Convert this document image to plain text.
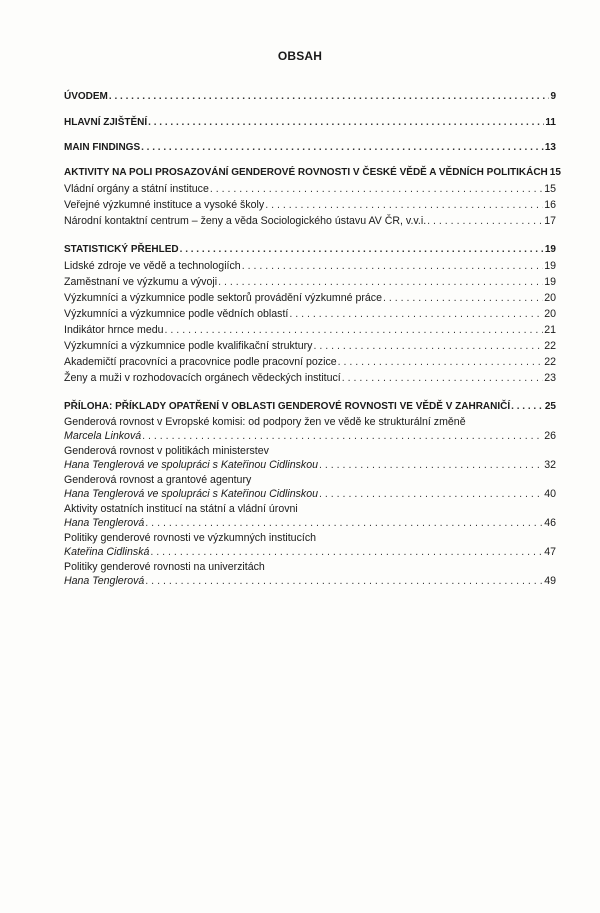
OBSAH
ÚVODEM . . .	9
HLAVNÍ ZJIŠTĚNÍ . . .	11
MAIN FINDINGS . . .	13
AKTIVITY NA POLI PROSAZOVÁNÍ GENDEROVÉ ROVNOSTI V ČESKÉ VĚDĚ A VĚDNÍCH POLITIKÁCH 15
Vládní orgány a státní instituce . . .	15
Veřejné výzkumné instituce a vysoké školy . . .	16
Národní kontaktní centrum – ženy a věda Sociologického ústavu AV ČR, v.v.i. . . .	17
STATISTICKÝ PŘEHLED . . .	19
Lidské zdroje ve vědě a technologiích . . .	19
Zaměstnaní ve výzkumu a vývoji . . .	19
Výzkumníci a výzkumnice podle sektorů provádění výzkumné práce . . .	20
Výzkumníci a výzkumnice podle vědních oblastí . . .	20
Indikátor hrnce medu . . .	21
Výzkumníci a výzkumnice podle kvalifikační struktury . . .	22
Akademičtí pracovníci a pracovnice podle pracovní pozice . . .	22
Ženy a muži v rozhodovacích orgánech vědeckých institucí . . .	23
PŘÍLOHA: PŘÍKLADY OPATŘENÍ V OBLASTI GENDEROVÉ ROVNOSTI VE VĚDĚ V ZAHRANIČÍ . . .	25
Genderová rovnost v Evropské komisi: od podpory žen ve vědě ke strukturální změně
Marcela Linková . . .	26
Genderová rovnost v politikách ministerstev
Hana Tenglerová ve spolupráci s Kateřinou Cidlinskou . . .	32
Genderová rovnost a grantové agentury
Hana Tenglerová ve spolupráci s Kateřinou Cidlinskou . . .	40
Aktivity ostatních institucí na státní a vládní úrovni
Hana Tenglerová . . .	46
Politiky genderové rovnosti ve výzkumných institucích
Kateřina Cidlinská . . .	47
Politiky genderové rovnosti na univerzitách
Hana Tenglerová . . .	49
